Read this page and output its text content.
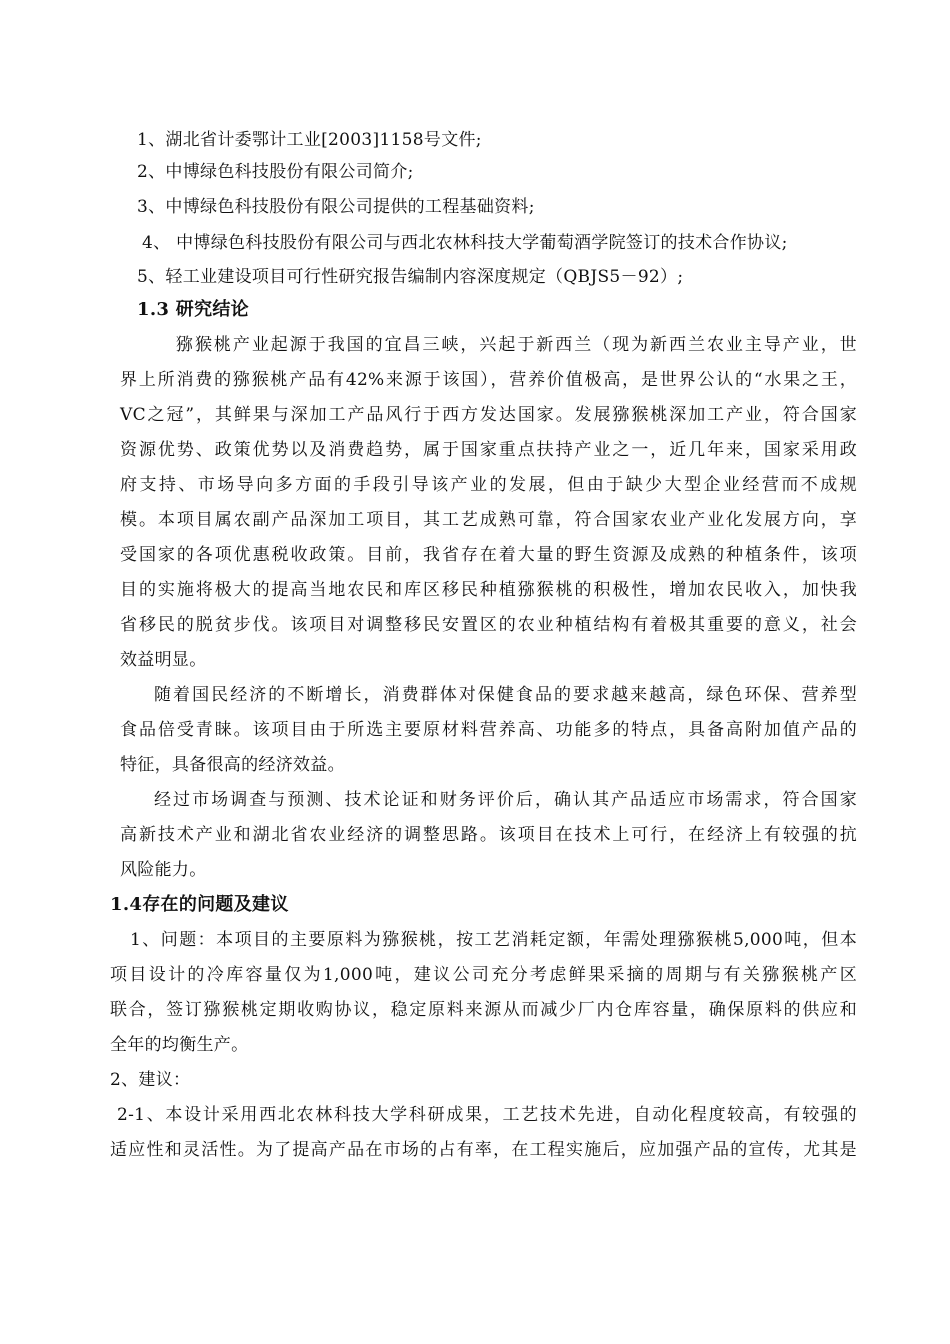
1、湖北省计委鄂计工业[2003]1158号文件;
2、中博绿色科技股份有限公司简介;
3、中博绿色科技股份有限公司提供的工程基础资料;
4、 中博绿色科技股份有限公司与西北农林科技大学葡萄酒学院签订的技术合作协议;
5、轻工业建设项目可行性研究报告编制内容深度规定（QBJS5－92）;
1.3 研究结论
猕猴桃产业起源于我国的宜昌三峡，兴起于新西兰（现为新西兰农业主导产业，世
界上所消费的猕猴桃产品有42%来源于该国），营养价值极高，是世界公认的“水果之王，
VC之冠”，其鲜果与深加工产品风行于西方发达国家。发展猕猴桃深加工产业，符合国家
资源优势、政策优势以及消费趋势，属于国家重点扶持产业之一，近几年来，国家采用政
府支持、市场导向多方面的手段引导该产业的发展，但由于缺少大型企业经营而不成规
模。本项目属农副产品深加工项目，其工艺成熟可靠，符合国家农业产业化发展方向，享
受国家的各项优惠税收政策。目前，我省存在着大量的野生资源及成熟的种植条件，该项
目的实施将极大的提高当地农民和库区移民种植猕猴桃的积极性，增加农民收入，加快我
省移民的脱贫步伐。该项目对调整移民安置区的农业种植结构有着极其重要的意义，社会
效益明显。
随着国民经济的不断增长，消费群体对保健食品的要求越来越高，绿色环保、营养型
食品倍受青睐。该项目由于所选主要原材料营养高、功能多的特点，具备高附加值产品的
特征，具备很高的经济效益。
经过市场调查与预测、技术论证和财务评价后，确认其产品适应市场需求，符合国家
高新技术产业和湖北省农业经济的调整思路。该项目在技术上可行，在经济上有较强的抗
风险能力。
1.4存在的问题及建议
1、问题：本项目的主要原料为猕猴桃，按工艺消耗定额，年需处理猕猴桃5,000吨，但本
项目设计的冷库容量仅为1,000吨，建议公司充分考虑鲜果采摘的周期与有关猕猴桃产区
联合，签订猕猴桃定期收购协议，稳定原料来源从而减少厂内仓库容量，确保原料的供应和
全年的均衡生产。
2、建议：
2-1、本设计采用西北农林科技大学科研成果，工艺技术先进，自动化程度较高，有较强的
适应性和灵活性。为了提高产品在市场的占有率，在工程实施后，应加强产品的宣传，尤其是
